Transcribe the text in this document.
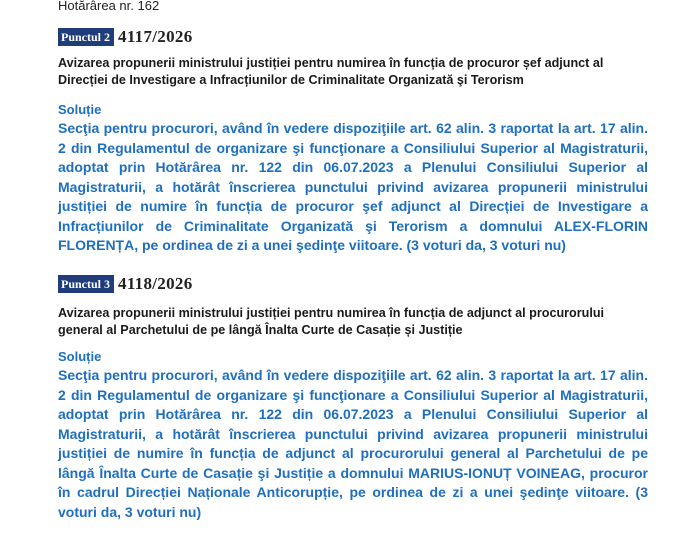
Hotărârea nr. 162
Punctul 2 4117/2026
Avizarea propunerii ministrului justiției pentru numirea în funcția de procuror șef adjunct al Direcției de Investigare a Infracțiunilor de Criminalitate Organizată şi Terorism
Soluție
Secţia pentru procurori, având în vedere dispoziţiile art. 62 alin. 3 raportat la art. 17 alin. 2 din Regulamentul de organizare şi funcţionare a Consiliului Superior al Magistraturii, adoptat prin Hotărârea nr. 122 din 06.07.2023 a Plenului Consiliului Superior al Magistraturii, a hotărât înscrierea punctului privind avizarea propunerii ministrului justiției de numire în funcția de procuror şef adjunct al Direcției de Investigare a Infracțiunilor de Criminalitate Organizată şi Terorism a domnului ALEX-FLORIN FLORENȚA, pe ordinea de zi a unei şedinţe viitoare. (3 voturi da, 3 voturi nu)
Punctul 3 4118/2026
Avizarea propunerii ministrului justiției pentru numirea în funcția de adjunct al procurorului general al Parchetului de pe lângă Înalta Curte de Casație și Justiție
Soluție
Secţia pentru procurori, având în vedere dispoziţiile art. 62 alin. 3 raportat la art. 17 alin. 2 din Regulamentul de organizare şi funcţionare a Consiliului Superior al Magistraturii, adoptat prin Hotărârea nr. 122 din 06.07.2023 a Plenului Consiliului Superior al Magistraturii, a hotărât înscrierea punctului privind avizarea propunerii ministrului justiției de numire în funcția de adjunct al procurorului general al Parchetului de pe lângă Înalta Curte de Casație şi Justiție a domnului MARIUS-IONUȚ VOINEAG, procuror în cadrul Direcției Naționale Anticorupție, pe ordinea de zi a unei şedinţe viitoare. (3 voturi da, 3 voturi nu)
